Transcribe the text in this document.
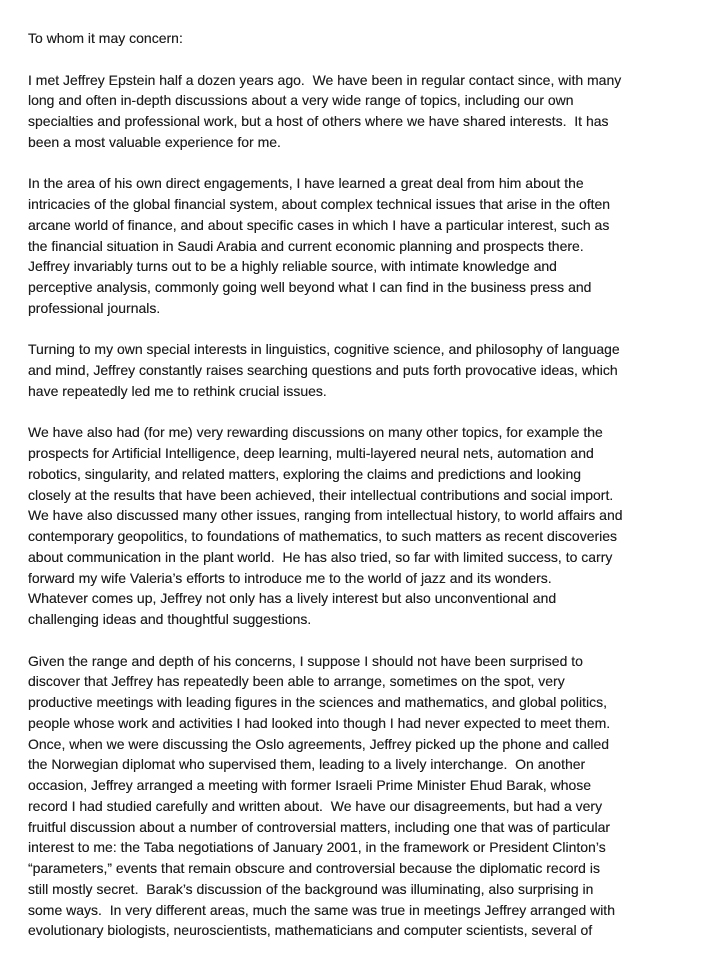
To whom it may concern:
I met Jeffrey Epstein half a dozen years ago.  We have been in regular contact since, with many
long and often in-depth discussions about a very wide range of topics, including our own
specialties and professional work, but a host of others where we have shared interests.  It has
been a most valuable experience for me.
In the area of his own direct engagements, I have learned a great deal from him about the
intricacies of the global financial system, about complex technical issues that arise in the often
arcane world of finance, and about specific cases in which I have a particular interest, such as
the financial situation in Saudi Arabia and current economic planning and prospects there.
Jeffrey invariably turns out to be a highly reliable source, with intimate knowledge and
perceptive analysis, commonly going well beyond what I can find in the business press and
professional journals.
Turning to my own special interests in linguistics, cognitive science, and philosophy of language
and mind, Jeffrey constantly raises searching questions and puts forth provocative ideas, which
have repeatedly led me to rethink crucial issues.
We have also had (for me) very rewarding discussions on many other topics, for example the
prospects for Artificial Intelligence, deep learning, multi-layered neural nets, automation and
robotics, singularity, and related matters, exploring the claims and predictions and looking
closely at the results that have been achieved, their intellectual contributions and social import.
We have also discussed many other issues, ranging from intellectual history, to world affairs and
contemporary geopolitics, to foundations of mathematics, to such matters as recent discoveries
about communication in the plant world.  He has also tried, so far with limited success, to carry
forward my wife Valeria’s efforts to introduce me to the world of jazz and its wonders.
Whatever comes up, Jeffrey not only has a lively interest but also unconventional and
challenging ideas and thoughtful suggestions.
Given the range and depth of his concerns, I suppose I should not have been surprised to
discover that Jeffrey has repeatedly been able to arrange, sometimes on the spot, very
productive meetings with leading figures in the sciences and mathematics, and global politics,
people whose work and activities I had looked into though I had never expected to meet them.
Once, when we were discussing the Oslo agreements, Jeffrey picked up the phone and called
the Norwegian diplomat who supervised them, leading to a lively interchange.  On another
occasion, Jeffrey arranged a meeting with former Israeli Prime Minister Ehud Barak, whose
record I had studied carefully and written about.  We have our disagreements, but had a very
fruitful discussion about a number of controversial matters, including one that was of particular
interest to me: the Taba negotiations of January 2001, in the framework or President Clinton’s
“parameters,” events that remain obscure and controversial because the diplomatic record is
still mostly secret.  Barak’s discussion of the background was illuminating, also surprising in
some ways.  In very different areas, much the same was true in meetings Jeffrey arranged with
evolutionary biologists, neuroscientists, mathematicians and computer scientists, several of
